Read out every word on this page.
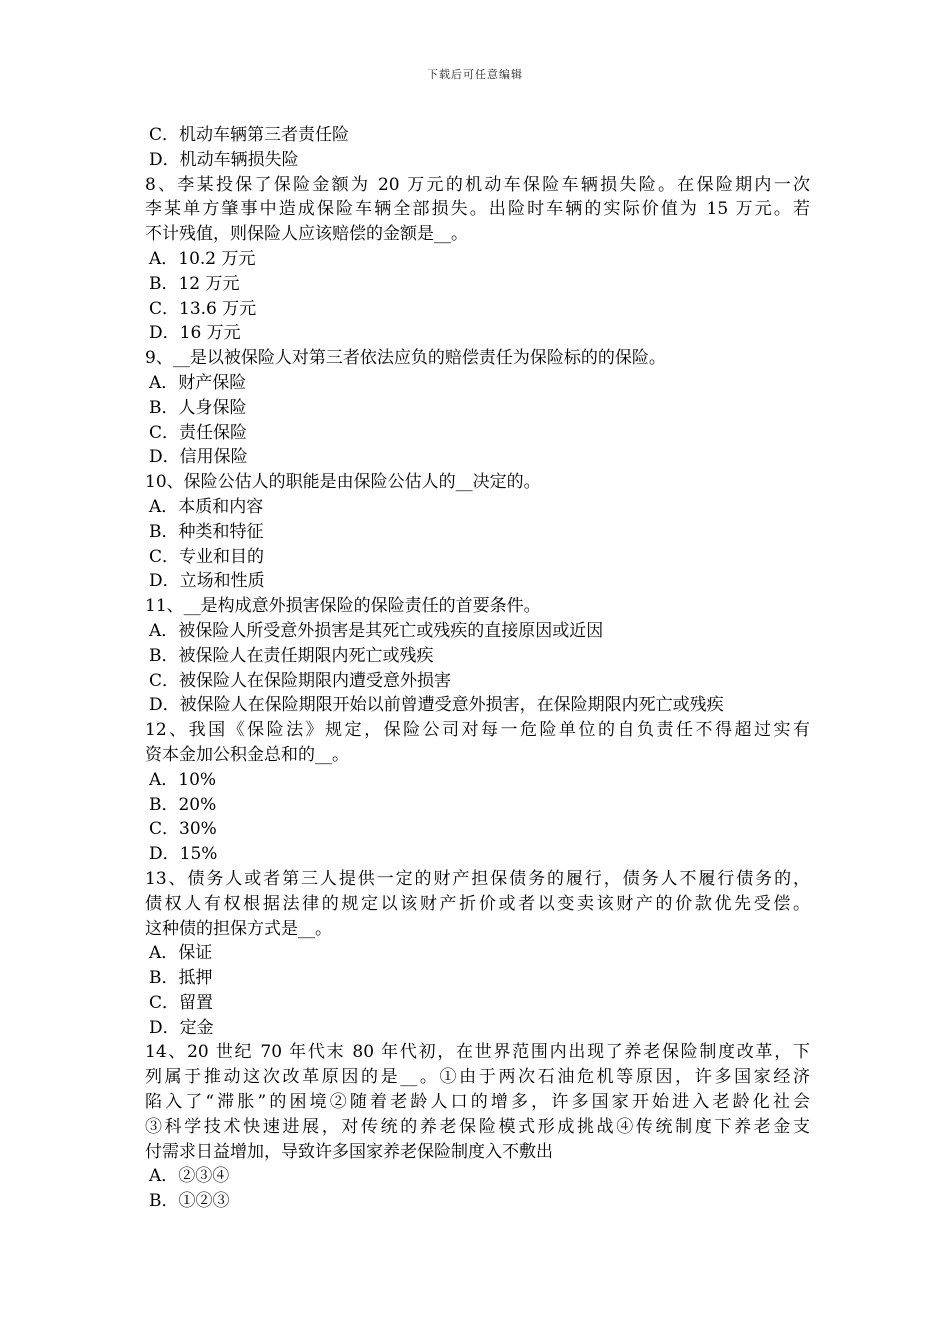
下载后可任意编辑
C．机动车辆第三者责任险
D．机动车辆损失险
8、李某投保了保险金额为 20 万元的机动车保险车辆损失险。在保险期内一次
李某单方肇事中造成保险车辆全部损失。出险时车辆的实际价值为 15 万元。若
不计残值，则保险人应该赔偿的金额是__。
A．10.2 万元
B．12 万元
C．13.6 万元
D．16 万元
9、__是以被保险人对第三者依法应负的赔偿责任为保险标的的保险。
A．财产保险
B．人身保险
C．责任保险
D．信用保险
10、保险公估人的职能是由保险公估人的__决定的。
A．本质和内容
B．种类和特征
C．专业和目的
D．立场和性质
11、__是构成意外损害保险的保险责任的首要条件。
A．被保险人所受意外损害是其死亡或残疾的直接原因或近因
B．被保险人在责任期限内死亡或残疾
C．被保险人在保险期限内遭受意外损害
D．被保险人在保险期限开始以前曾遭受意外损害，在保险期限内死亡或残疾
12、我国《保险法》规定，保险公司对每一危险单位的自负责任不得超过实有
资本金加公积金总和的__。
A．10%
B．20%
C．30%
D．15%
13、债务人或者第三人提供一定的财产担保债务的履行，债务人不履行债务的，
债权人有权根据法律的规定以该财产折价或者以变卖该财产的价款优先受偿。
这种债的担保方式是__。
A．保证
B．抵押
C．留置
D．定金
14、20 世纪 70 年代末 80 年代初，在世界范围内出现了养老保险制度改革，下
列属于推动这次改革原因的是__。①由于两次石油危机等原因，许多国家经济
陷入了“滞胀”的困境②随着老龄人口的增多，许多国家开始进入老龄化社会
③科学技术快速进展，对传统的养老保险模式形成挑战④传统制度下养老金支
付需求日益增加，导致许多国家养老保险制度入不敷出
A．②③④
B．①②③
